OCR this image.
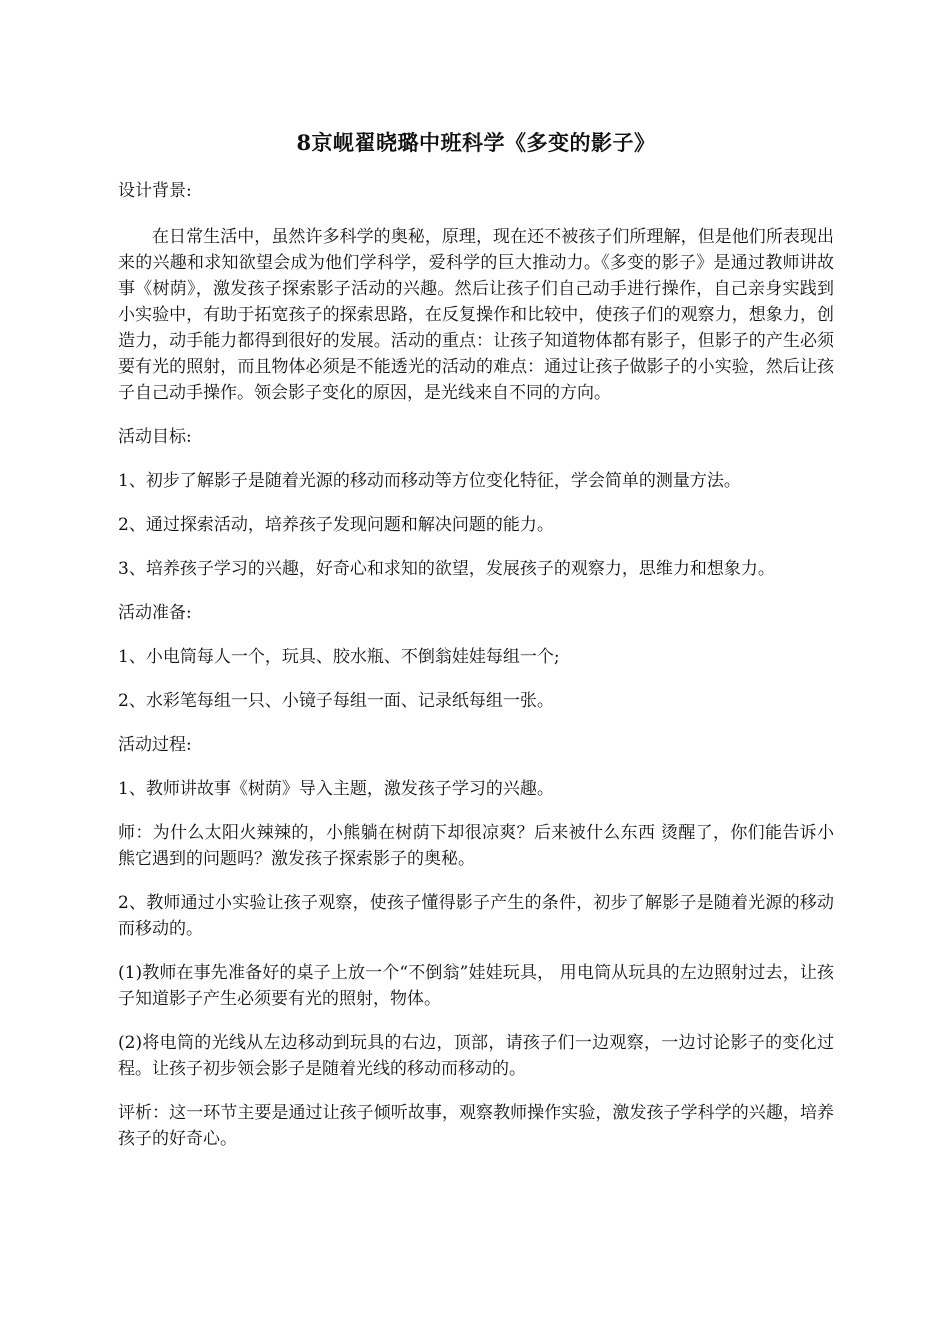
8京岘翟晓璐中班科学《多变的影子》
设计背景:
在日常生活中，虽然许多科学的奥秘，原理，现在还不被孩子们所理解，但是他们所表现出来的兴趣和求知欲望会成为他们学科学，爱科学的巨大推动力。《多变的影子》是通过教师讲故事《树荫》，激发孩子探索影子活动的兴趣。然后让孩子们自己动手进行操作，自己亲身实践到小实验中，有助于拓宽孩子的探索思路，在反复操作和比较中，使孩子们的观察力，想象力，创造力，动手能力都得到很好的发展。活动的重点：让孩子知道物体都有影子，但影子的产生必须要有光的照射，而且物体必须是不能透光的活动的难点：通过让孩子做影子的小实验，然后让孩子自己动手操作。领会影子变化的原因，是光线来自不同的方向。
活动目标:
1、初步了解影子是随着光源的移动而移动等方位变化特征，学会简单的测量方法。
2、通过探索活动，培养孩子发现问题和解决问题的能力。
3、培养孩子学习的兴趣，好奇心和求知的欲望，发展孩子的观察力，思维力和想象力。
活动准备:
1、小电筒每人一个，玩具、胶水瓶、不倒翁娃娃每组一个;
2、水彩笔每组一只、小镜子每组一面、记录纸每组一张。
活动过程:
1、教师讲故事《树荫》导入主题，激发孩子学习的兴趣。
师：为什么太阳火辣辣的，小熊躺在树荫下却很凉爽？后来被什么东西 烫醒了，你们能告诉小熊它遇到的问题吗？激发孩子探索影子的奥秘。
2、教师通过小实验让孩子观察，使孩子懂得影子产生的条件，初步了解影子是随着光源的移动而移动的。
(1)教师在事先准备好的桌子上放一个“不倒翁”娃娃玩具， 用电筒从玩具的左边照射过去，让孩子知道影子产生必须要有光的照射，物体。
(2)将电筒的光线从左边移动到玩具的右边，顶部，请孩子们一边观察，一边讨论影子的变化过程。让孩子初步领会影子是随着光线的移动而移动的。
评析：这一环节主要是通过让孩子倾听故事，观察教师操作实验，激发孩子学科学的兴趣，培养孩子的好奇心。
